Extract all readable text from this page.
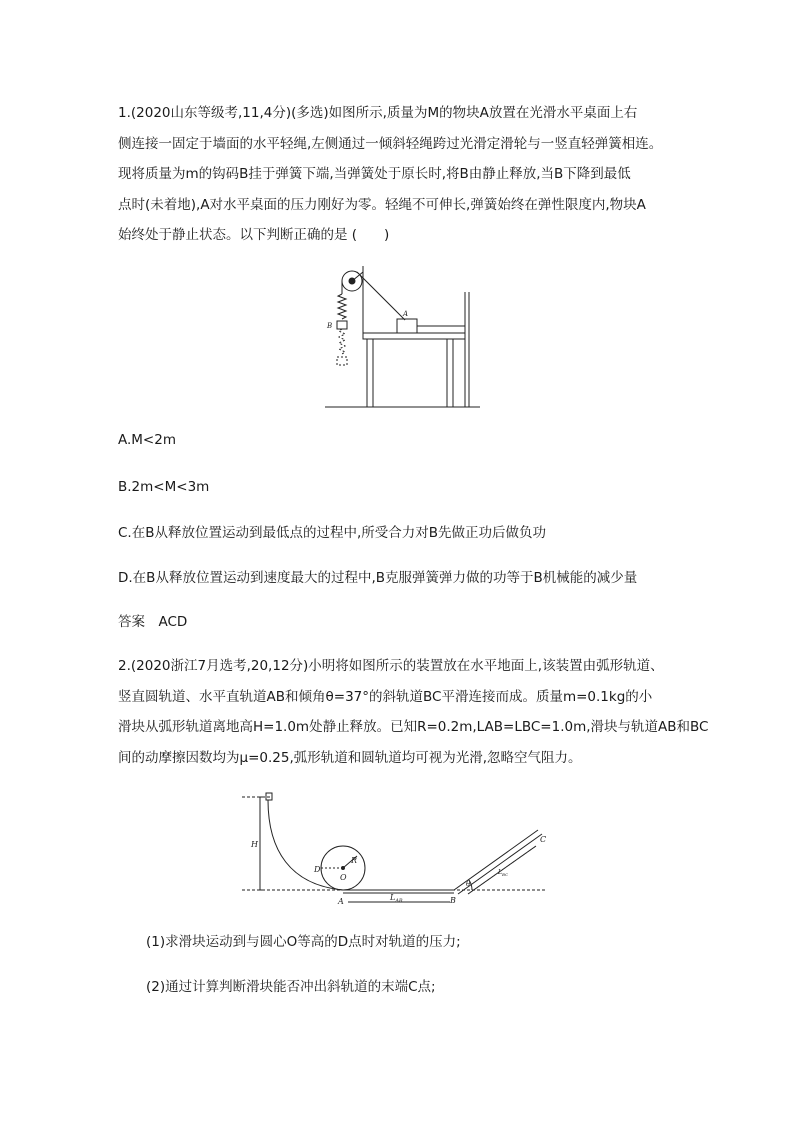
1.(2020山东等级考,11,4分)(多选)如图所示,质量为M的物块A放置在光滑水平桌面上右
侧连接一固定于墙面的水平轻绳,左侧通过一倾斜轻绳跨过光滑定滑轮与一竖直轻弹簧相连。
现将质量为m的钩码B挂于弹簧下端,当弹簧处于原长时,将B由静止释放,当B下降到最低
点时(未着地),A对水平桌面的压力刚好为零。轻绳不可伸长,弹簧始终在弹性限度内,物块A
始终处于静止状态。以下判断正确的是 (　　)
A
B
A.M<2m
B.2m<M<3m
C.在B从释放位置运动到最低点的过程中,所受合力对B先做正功后做负功
D.在B从释放位置运动到速度最大的过程中,B克服弹簧弹力做的功等于B机械能的减少量
答案　ACD
2.(2020浙江7月选考,20,12分)小明将如图所示的装置放在水平地面上,该装置由弧形轨道、
竖直圆轨道、水平直轨道AB和倾角θ=37°的斜轨道BC平滑连接而成。质量m=0.1kg的小
滑块从弧形轨道离地高H=1.0m处静止释放。已知R=0.2m,LAB=LBC=1.0m,滑块与轨道AB和BC
间的动摩擦因数均为μ=0.25,弧形轨道和圆轨道均可视为光滑,忽略空气阻力。
H
D
R
O
A	$L_{AB}$	B
θ
C
$L_{BC}$
(1)求滑块运动到与圆心O等高的D点时对轨道的压力;
(2)通过计算判断滑块能否冲出斜轨道的末端C点;
